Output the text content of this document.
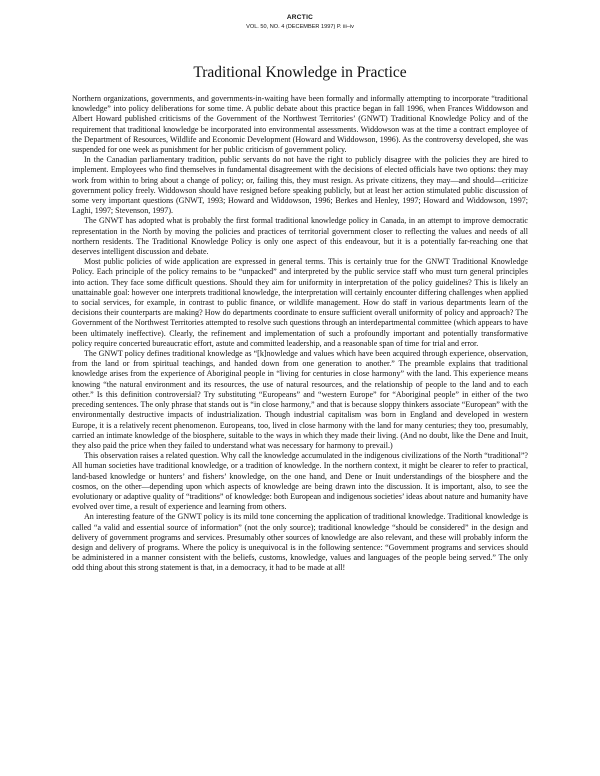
ARCTIC
VOL. 50, NO. 4 (DECEMBER 1997) P. iii–iv
Traditional Knowledge in Practice

Northern organizations, governments, and governments-in-waiting have been formally and informally attempting to incorporate “traditional knowledge” into policy deliberations for some time. A public debate about this practice began in fall 1996, when Frances Widdowson and Albert Howard published criticisms of the Government of the Northwest Territories’ (GNWT) Traditional Knowledge Policy and of the requirement that traditional knowledge be incorporated into environmental assessments. Widdowson was at the time a contract employee of the Department of Resources, Wildlife and Economic Development (Howard and Widdowson, 1996). As the controversy developed, she was suspended for one week as punishment for her public criticism of government policy.

In the Canadian parliamentary tradition, public servants do not have the right to publicly disagree with the policies they are hired to implement. Employees who find themselves in fundamental disagreement with the decisions of elected officials have two options: they may work from within to bring about a change of policy; or, failing this, they must resign. As private citizens, they may—and should—criticize government policy freely. Widdowson should have resigned before speaking publicly, but at least her action stimulated public discussion of some very important questions (GNWT, 1993; Howard and Widdowson, 1996; Berkes and Henley, 1997; Howard and Widdowson, 1997; Laghi, 1997; Stevenson, 1997).

The GNWT has adopted what is probably the first formal traditional knowledge policy in Canada, in an attempt to improve democratic representation in the North by moving the policies and practices of territorial government closer to reflecting the values and needs of all northern residents. The Traditional Knowledge Policy is only one aspect of this endeavour, but it is a potentially far-reaching one that deserves intelligent discussion and debate.

Most public policies of wide application are expressed in general terms. This is certainly true for the GNWT Traditional Knowledge Policy. Each principle of the policy remains to be “unpacked” and interpreted by the public service staff who must turn general principles into action. They face some difficult questions. Should they aim for uniformity in interpretation of the policy guidelines? This is likely an unattainable goal: however one interprets traditional knowledge, the interpretation will certainly encounter differing challenges when applied to social services, for example, in contrast to public finance, or wildlife management. How do staff in various departments learn of the decisions their counterparts are making? How do departments coordinate to ensure sufficient overall uniformity of policy and approach? The Government of the Northwest Territories attempted to resolve such questions through an interdepartmental committee (which appears to have been ultimately ineffective). Clearly, the refinement and implementation of such a profoundly important and potentially transformative policy require concerted bureaucratic effort, astute and committed leadership, and a reasonable span of time for trial and error.

The GNWT policy defines traditional knowledge as “[k]nowledge and values which have been acquired through experience, observation, from the land or from spiritual teachings, and handed down from one generation to another.” The preamble explains that traditional knowledge arises from the experience of Aboriginal people in “living for centuries in close harmony” with the land. This experience means knowing “the natural environment and its resources, the use of natural resources, and the relationship of people to the land and to each other.” Is this definition controversial? Try substituting “Europeans” and “western Europe” for “Aboriginal people” in either of the two preceding sentences. The only phrase that stands out is “in close harmony,” and that is because sloppy thinkers associate “European” with the environmentally destructive impacts of industrialization. Though industrial capitalism was born in England and developed in western Europe, it is a relatively recent phenomenon. Europeans, too, lived in close harmony with the land for many centuries; they too, presumably, carried an intimate knowledge of the biosphere, suitable to the ways in which they made their living. (And no doubt, like the Dene and Inuit, they also paid the price when they failed to understand what was necessary for harmony to prevail.)

This observation raises a related question. Why call the knowledge accumulated in the indigenous civilizations of the North “traditional”? All human societies have traditional knowledge, or a tradition of knowledge. In the northern context, it might be clearer to refer to practical, land-based knowledge or hunters’ and fishers’ knowledge, on the one hand, and Dene or Inuit understandings of the biosphere and the cosmos, on the other—depending upon which aspects of knowledge are being drawn into the discussion. It is important, also, to see the evolutionary or adaptive quality of “traditions” of knowledge: both European and indigenous societies’ ideas about nature and humanity have evolved over time, a result of experience and learning from others.

An interesting feature of the GNWT policy is its mild tone concerning the application of traditional knowledge. Traditional knowledge is called “a valid and essential source of information” (not the only source); traditional knowledge “should be considered” in the design and delivery of government programs and services. Presumably other sources of knowledge are also relevant, and these will probably inform the design and delivery of programs. Where the policy is unequivocal is in the following sentence: “Government programs and services should be administered in a manner consistent with the beliefs, customs, knowledge, values and languages of the people being served.” The only odd thing about this strong statement is that, in a democracy, it had to be made at all!
